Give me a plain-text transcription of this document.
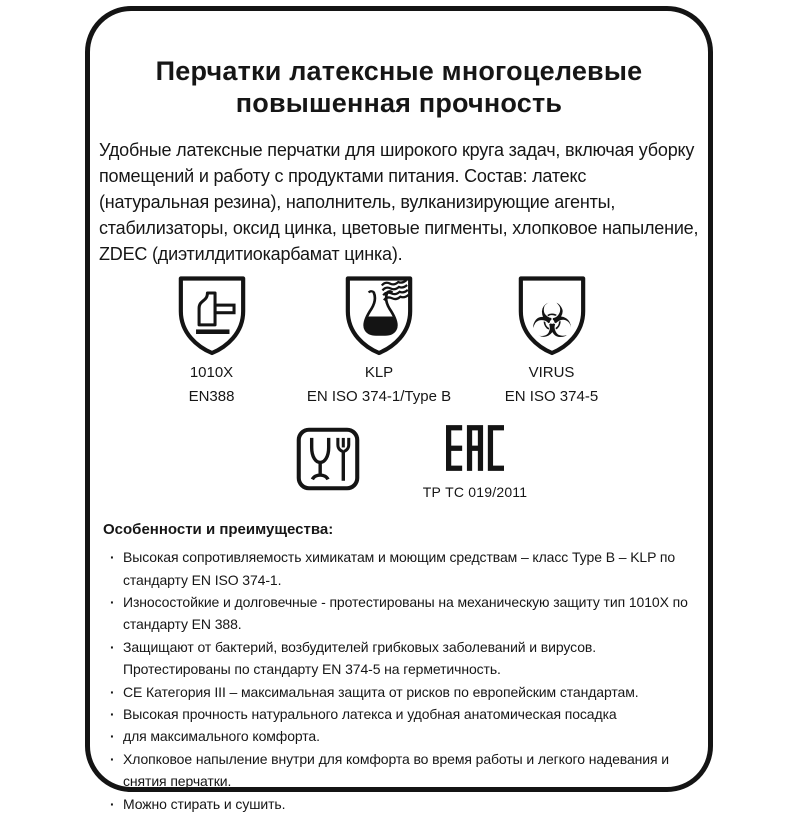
Перчатки латексные многоцелевые
повышенная прочность

Удобные латексные перчатки для широкого круга задач, включая уборку помещений и работу с продуктами питания. Состав: латекс (натуральная резина), наполнитель, вулканизирующие агенты, стабилизаторы, оксид цинка, цветовые пигменты, хлопковое напыление, ZDEC (диэтилдитиокарбамат цинка).

1010X
EN388
KLP
EN ISO 374-1/Type B
☣
VIRUS
EN ISO 374-5
ТР ТС 019/2011
Особенности и преимущества:
· Высокая сопротивляемость химикатам и моющим средствам – класс Type B – KLP по стандарту EN ISO 374-1.
· Износостойкие и долговечные - протестированы на механическую защиту тип 1010X по стандарту EN 388.
· Защищают от бактерий, возбудителей грибковых заболеваний и вирусов. Протестированы по стандарту EN 374-5 на герметичность.
· CE Категория III – максимальная защита от рисков по европейским стандартам.
· Высокая прочность натурального латекса и удобная анатомическая посадка
· для максимального комфорта.
· Хлопковое напыление внутри для комфорта во время работы и легкого надевания и снятия перчатки.
· Можно стирать и сушить.
